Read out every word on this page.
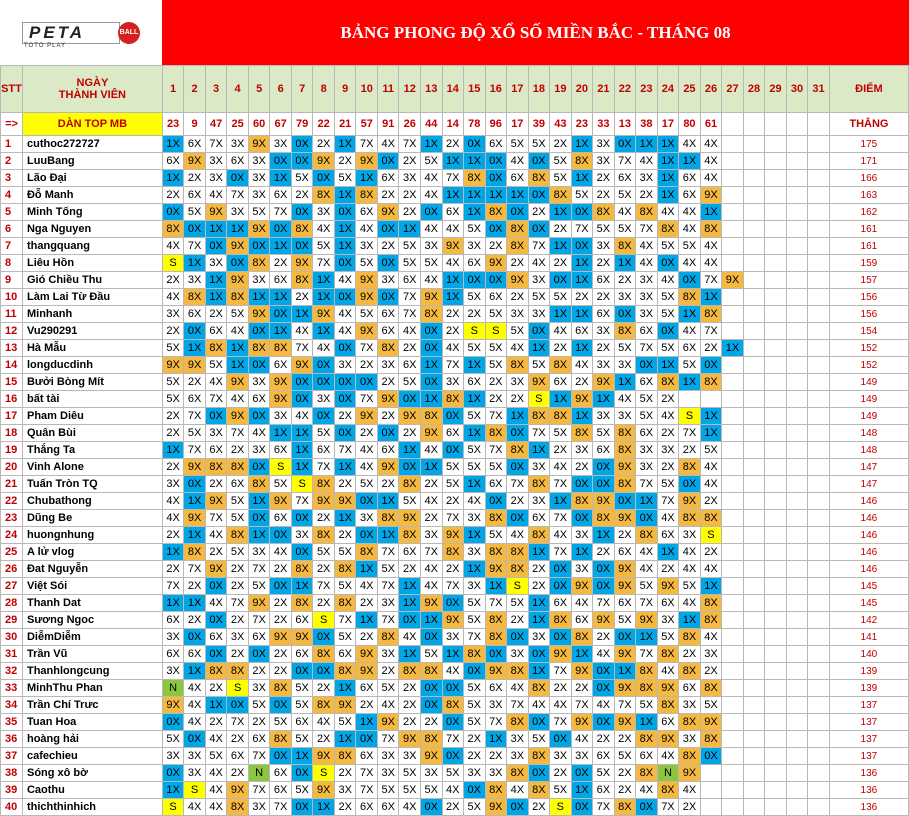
PETA	BALL
TOTO PLAY
BẢNG PHONG ĐỘ XỔ SỐ MIỀN BẮC - THÁNG 08
STT	NGÀY
THÀNH VIÊN	1	2	3	4	5	6	7	8	9	10	11	12	13	14	15	16	17	18	19	20	21	22	23	24	25	26	27	28	29	30	31	ĐIỂM
=>	DÀN TOP MB	23	9	47	25	60	67	79	22	21	57	91	26	44	14	78	96	17	39	43	23	33	13	38	17	80	61						THẮNG
1	cuthoc272727	1X	6X	7X	3X	9X	3X	0X	2X	1X	7X	4X	7X	1X	2X	0X	6X	5X	5X	2X	1X	3X	0X	1X	1X	4X	4X						175
2	LuuBang	6X	9X	3X	6X	3X	0X	0X	9X	2X	9X	0X	2X	5X	1X	1X	0X	4X	0X	5X	8X	3X	7X	4X	1X	1X	4X						171
3	Lão Đại	1X	2X	3X	0X	3X	1X	5X	0X	5X	1X	6X	3X	4X	7X	8X	0X	6X	8X	5X	1X	2X	6X	3X	1X	6X	4X						166
4	Đỗ Manh	2X	6X	4X	7X	3X	6X	2X	8X	1X	8X	2X	2X	4X	1X	1X	1X	1X	0X	8X	5X	2X	5X	2X	1X	6X	9X						163
5	Minh Tống	0X	5X	9X	3X	5X	7X	0X	3X	0X	6X	9X	2X	0X	6X	1X	8X	0X	2X	1X	0X	8X	4X	8X	4X	4X	1X						162
6	Nga Nguyen	8X	0X	1X	1X	9X	0X	8X	4X	1X	4X	0X	1X	4X	4X	5X	0X	8X	0X	2X	7X	5X	5X	7X	8X	4X	8X						161
7	thangquang	4X	7X	0X	9X	0X	1X	0X	5X	1X	3X	2X	5X	3X	9X	3X	2X	8X	7X	1X	0X	3X	8X	4X	5X	5X	4X						161
8	Liêu Hồn	S	1X	3X	0X	8X	2X	9X	7X	0X	5X	0X	5X	5X	4X	6X	9X	2X	4X	2X	1X	2X	1X	4X	0X	4X	4X						159
9	Gió Chiều Thu	2X	3X	1X	9X	3X	6X	8X	1X	4X	9X	3X	6X	4X	1X	0X	0X	9X	3X	0X	1X	6X	2X	3X	4X	0X	7X	9X					157
10	Làm Lai Từ Đầu	4X	8X	1X	8X	1X	1X	2X	1X	0X	9X	0X	7X	9X	1X	5X	6X	2X	5X	5X	2X	2X	3X	3X	5X	8X	1X						156
11	Minhanh	3X	6X	2X	5X	9X	0X	1X	9X	4X	5X	6X	7X	8X	2X	2X	5X	3X	3X	1X	1X	6X	0X	3X	5X	1X	8X						156
12	Vu290291	2X	0X	6X	4X	0X	1X	4X	1X	4X	9X	6X	4X	0X	2X	S	S	5X	0X	4X	6X	3X	8X	6X	0X	4X	7X						154
13	Hà Mẫu	5X	1X	8X	1X	8X	8X	7X	4X	0X	7X	8X	2X	0X	4X	5X	5X	4X	1X	2X	1X	2X	5X	7X	5X	6X	2X	1X					152
14	longducdinh	9X	9X	5X	1X	0X	6X	9X	0X	3X	2X	3X	6X	1X	7X	1X	5X	8X	5X	8X	4X	3X	3X	0X	1X	5X	0X						152
15	Bưởi Bòng Mít	5X	2X	4X	9X	3X	9X	0X	0X	0X	0X	2X	5X	0X	3X	6X	2X	3X	9X	6X	2X	9X	1X	6X	8X	1X	8X						149
16	bất tài	5X	6X	7X	4X	6X	9X	0X	3X	0X	7X	9X	0X	1X	8X	1X	2X	2X	S	1X	9X	1X	4X	5X	2X								149
17	Pham Diêu	2X	7X	0X	9X	0X	3X	4X	0X	2X	9X	2X	9X	8X	0X	5X	7X	1X	8X	8X	1X	3X	3X	5X	4X	S	1X						149
18	Quân Bùi	2X	5X	3X	7X	4X	1X	1X	5X	0X	2X	0X	2X	9X	6X	1X	8X	0X	7X	5X	8X	5X	8X	6X	2X	7X	1X						148
19	Thắng Ta	1X	7X	6X	2X	3X	6X	1X	6X	7X	4X	6X	1X	4X	0X	5X	7X	8X	1X	2X	3X	6X	8X	3X	3X	2X	5X						148
20	Vinh Alone	2X	9X	8X	8X	0X	S	1X	7X	1X	4X	9X	0X	1X	5X	5X	5X	0X	3X	4X	2X	0X	9X	3X	2X	8X	4X						147
21	Tuấn Tròn TQ	3X	0X	2X	6X	8X	5X	S	8X	2X	5X	2X	8X	2X	5X	1X	6X	7X	8X	7X	0X	0X	8X	7X	5X	0X	4X						147
22	Chubathong	4X	1X	9X	5X	1X	9X	7X	9X	9X	0X	1X	5X	4X	2X	4X	0X	2X	3X	1X	8X	9X	0X	1X	7X	9X	2X						146
23	Dũng Be	4X	9X	7X	5X	0X	6X	0X	2X	1X	3X	8X	9X	2X	7X	3X	8X	0X	6X	7X	0X	8X	9X	0X	4X	8X	8X						146
24	huongnhung	2X	1X	4X	8X	1X	0X	3X	8X	2X	0X	1X	8X	3X	9X	1X	5X	4X	8X	4X	3X	1X	2X	8X	6X	3X	S						146
25	A lử vlog	1X	8X	2X	5X	3X	4X	0X	5X	5X	8X	7X	6X	7X	8X	3X	8X	8X	1X	7X	1X	2X	6X	4X	1X	4X	2X						146
26	Đat Nguyễn	2X	7X	9X	2X	7X	2X	8X	2X	8X	1X	5X	2X	4X	2X	1X	9X	8X	2X	0X	3X	0X	9X	4X	2X	4X	4X						146
27	Việt Sói	7X	2X	0X	2X	5X	0X	1X	7X	5X	4X	7X	1X	4X	7X	3X	1X	S	2X	0X	9X	0X	9X	5X	9X	5X	1X						145
28	Thanh Dat	1X	1X	4X	7X	9X	2X	8X	2X	8X	2X	3X	1X	9X	0X	5X	7X	5X	1X	6X	4X	7X	6X	7X	6X	4X	8X						145
29	Sương Ngoc	6X	2X	0X	2X	7X	2X	6X	S	7X	1X	7X	0X	1X	9X	5X	8X	2X	1X	8X	6X	9X	5X	9X	3X	1X	8X						142
30	DiễmDiễm	3X	0X	6X	3X	6X	9X	9X	0X	5X	2X	8X	4X	0X	3X	7X	8X	0X	3X	0X	8X	2X	0X	1X	5X	8X	4X						141
31	Trần Vũ	6X	6X	0X	2X	0X	2X	6X	8X	6X	9X	3X	1X	5X	1X	8X	0X	3X	0X	9X	1X	4X	9X	7X	8X	2X	3X						140
32	Thanhlongcung	3X	1X	8X	8X	2X	2X	0X	0X	8X	9X	2X	8X	8X	4X	0X	9X	8X	1X	7X	9X	0X	1X	8X	4X	8X	2X						139
33	MinhThu Phan	N	4X	2X	S	3X	8X	5X	2X	1X	6X	5X	2X	0X	0X	5X	6X	4X	8X	2X	2X	0X	9X	8X	9X	6X	8X						139
34	Trần Chí Trưc	9X	4X	1X	0X	5X	0X	5X	8X	9X	2X	4X	2X	0X	8X	5X	3X	7X	4X	4X	7X	4X	7X	5X	8X	3X	5X						137
35	Tuan Hoa	0X	4X	2X	7X	2X	5X	6X	4X	5X	1X	9X	2X	2X	0X	5X	7X	8X	0X	7X	9X	0X	9X	1X	6X	8X	9X						137
36	hoàng hải	5X	0X	4X	2X	6X	8X	5X	2X	1X	0X	7X	9X	8X	7X	2X	1X	3X	5X	0X	4X	2X	2X	8X	9X	3X	8X						137
37	cafechieu	3X	3X	5X	6X	7X	0X	1X	9X	8X	6X	3X	3X	9X	0X	2X	2X	3X	8X	3X	3X	6X	5X	6X	4X	8X	0X						137
38	Sóng xô bờ	0X	3X	4X	2X	N	6X	0X	S	2X	7X	3X	5X	3X	5X	3X	3X	8X	0X	2X	0X	5X	2X	8X	N	9X							136
39	Caothu	1X	S	4X	9X	7X	6X	5X	9X	3X	7X	5X	5X	5X	4X	0X	8X	4X	8X	5X	1X	6X	2X	4X	8X	4X							136
40	thichthinhich	S	4X	4X	8X	3X	7X	0X	1X	2X	6X	6X	4X	0X	2X	5X	9X	0X	2X	S	0X	7X	8X	0X	7X	2X							136
